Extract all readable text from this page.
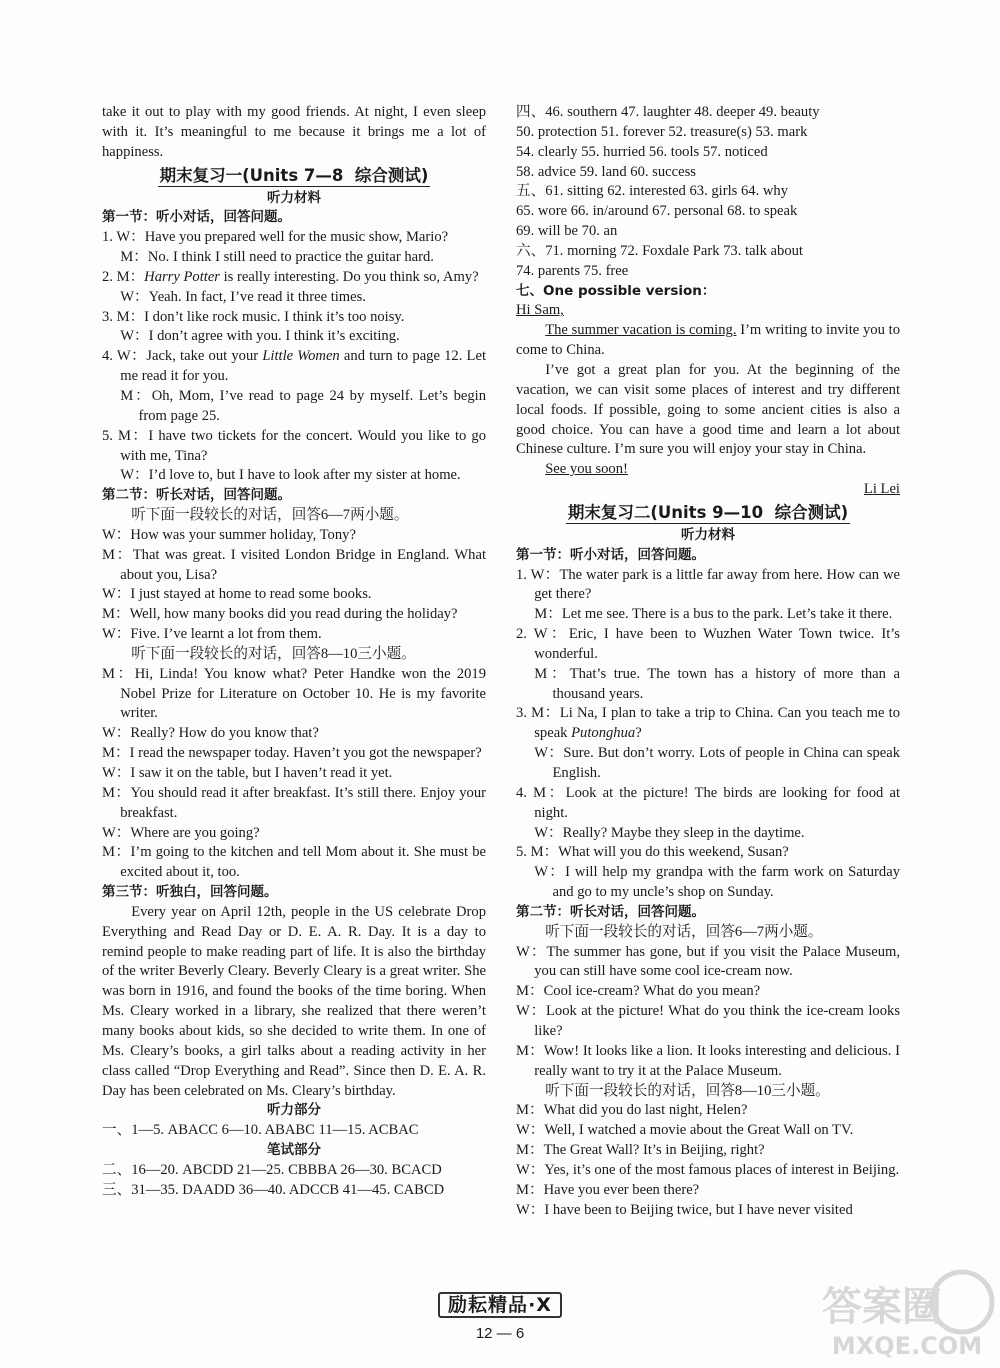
take it out to play with my good friends. At night, I even sleep with it. It’s meaningful to me because it brings me a lot of happiness.
期末复习一(Units 7—8 综合测试)
听力材料
第一节：听小对话，回答问题。
1. W：Have you prepared well for the music show, Mario?
M：No. I think I still need to practice the guitar hard.
2. M：Harry Potter is really interesting. Do you think so, Amy?
W：Yeah. In fact, I’ve read it three times.
3. M：I don’t like rock music. I think it’s too noisy.
W：I don’t agree with you. I think it’s exciting.
4. W：Jack, take out your Little Women and turn to page 12. Let me read it for you.
M：Oh, Mom, I’ve read to page 24 by myself. Let’s begin from page 25.
5. M：I have two tickets for the concert. Would you like to go with me, Tina?
W：I’d love to, but I have to look after my sister at home.
第二节：听长对话，回答问题。
听下面一段较长的对话，回答6—7两小题。
W：How was your summer holiday, Tony?
M：That was great. I visited London Bridge in England. What about you, Lisa?
W：I just stayed at home to read some books.
M：Well, how many books did you read during the holiday?
W：Five. I’ve learnt a lot from them.
听下面一段较长的对话，回答8—10三小题。
M：Hi, Linda! You know what? Peter Handke won the 2019 Nobel Prize for Literature on October 10. He is my favorite writer.
W：Really? How do you know that?
M：I read the newspaper today. Haven’t you got the newspaper?
W：I saw it on the table, but I haven’t read it yet.
M：You should read it after breakfast. It’s still there. Enjoy your breakfast.
W：Where are you going?
M：I’m going to the kitchen and tell Mom about it. She must be excited about it, too.
第三节：听独白，回答问题。
Every year on April 12th, people in the US celebrate Drop Everything and Read Day or D. E. A. R. Day. It is a day to remind people to make reading part of life. It is also the birthday of the writer Beverly Cleary. Beverly Cleary is a great writer. She was born in 1916, and found the books of the time boring. When Ms. Cleary worked in a library, she realized that there weren’t many books about kids, so she decided to write them. In one of Ms. Cleary’s books, a girl talks about a reading activity in her class called “Drop Everything and Read”. Since then D. E. A. R. Day has been celebrated on Ms. Cleary’s birthday.
听力部分
一、1—5. ABACC 6—10. ABABC 11—15. ACBAC
笔试部分
二、16—20. ABCDD 21—25. CBBBA 26—30. BCACD
三、31—35. DAADD 36—40. ADCCB 41—45. CABCD
四、46. southern 47. laughter 48. deeper 49. beauty
50. protection 51. forever 52. treasure(s) 53. mark
54. clearly 55. hurried 56. tools 57. noticed
58. advice 59. land 60. success
五、61. sitting 62. interested 63. girls 64. why
65. wore 66. in/around 67. personal 68. to speak
69. will be 70. an
六、71. morning 72. Foxdale Park 73. talk about
74. parents 75. free
七、One possible version：
Hi Sam,
The summer vacation is coming. I’m writing to invite you to come to China.
I’ve got a great plan for you. At the beginning of the vacation, we can visit some places of interest and try different local foods. If possible, going to some ancient cities is also a good choice. You can have a good time and learn a lot about Chinese culture. I’m sure you will enjoy your stay in China.
See you soon!
Li Lei
期末复习二(Units 9—10 综合测试)
听力材料
第一节：听小对话，回答问题。
1. W：The water park is a little far away from here. How can we get there?
M：Let me see. There is a bus to the park. Let’s take it there.
2. W：Eric, I have been to Wuzhen Water Town twice. It’s wonderful.
M：That’s true. The town has a history of more than a thousand years.
3. M：Li Na, I plan to take a trip to China. Can you teach me to speak Putonghua?
W：Sure. But don’t worry. Lots of people in China can speak English.
4. M：Look at the picture! The birds are looking for food at night.
W：Really? Maybe they sleep in the daytime.
5. M：What will you do this weekend, Susan?
W：I will help my grandpa with the farm work on Saturday and go to my uncle’s shop on Sunday.
第二节：听长对话，回答问题。
听下面一段较长的对话，回答6—7两小题。
W：The summer has gone, but if you visit the Palace Museum, you can still have some cool ice-cream now.
M：Cool ice-cream? What do you mean?
W：Look at the picture! What do you think the ice-cream looks like?
M：Wow! It looks like a lion. It looks interesting and delicious. I really want to try it at the Palace Museum.
听下面一段较长的对话，回答8—10三小题。
M：What did you do last night, Helen?
W：Well, I watched a movie about the Great Wall on TV.
M：The Great Wall? It’s in Beijing, right?
W：Yes, it’s one of the most famous places of interest in Beijing.
M：Have you ever been there?
W：I have been to Beijing twice, but I have never visited
励耘精品·X
12 — 6
答案圈
MXQE.COM
